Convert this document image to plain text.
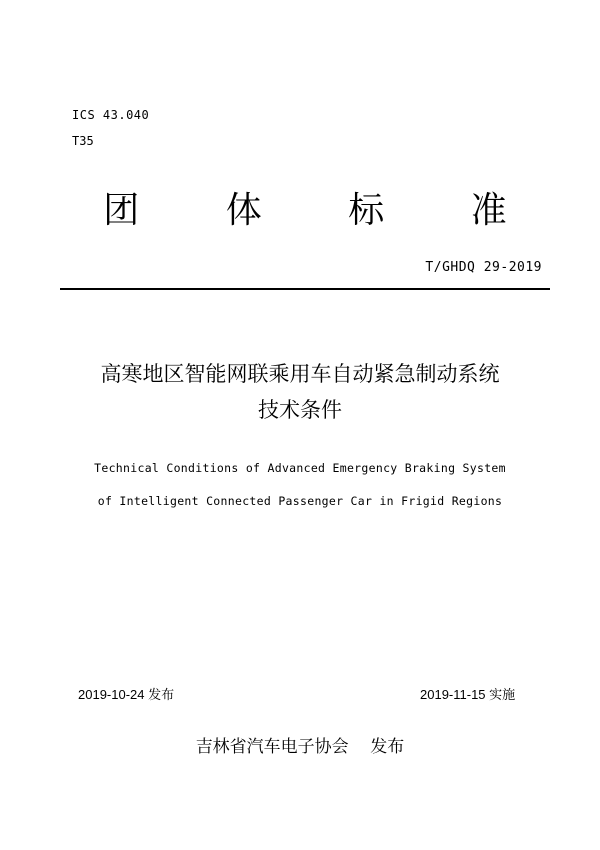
ICS 43.040
T35
团 体 标 准
T/GHDQ 29-2019
高寒地区智能网联乘用车自动紧急制动系统
技术条件
Technical Conditions of Advanced Emergency Braking System
of Intelligent Connected Passenger Car in Frigid Regions
2019-10-24 发布	2019-11-15 实施
吉林省汽车电子协会    发布
